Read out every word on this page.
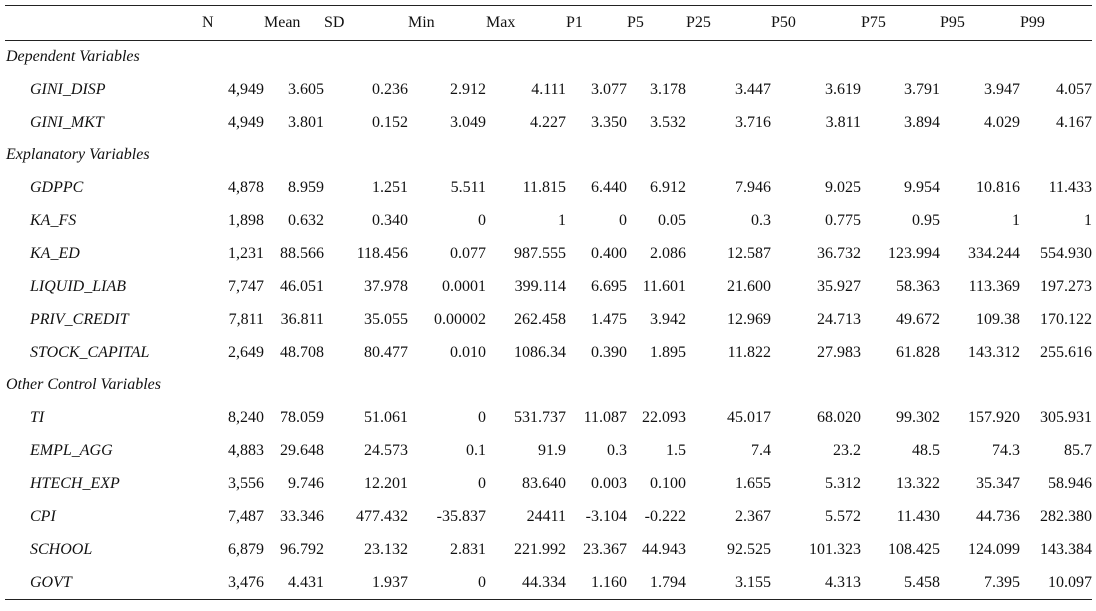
	N	Mean	SD	Min	Max	P1	P5	P25	P50	P75	P95	P99
Dependent Variables												
GINI_DISP	4,949	3.605	0.236	2.912	4.111	3.077	3.178	3.447	3.619	3.791	3.947	4.057
GINI_MKT	4,949	3.801	0.152	3.049	4.227	3.350	3.532	3.716	3.811	3.894	4.029	4.167
Explanatory Variables												
GDPPC	4,878	8.959	1.251	5.511	11.815	6.440	6.912	7.946	9.025	9.954	10.816	11.433
KA_FS	1,898	0.632	0.340	0	1	0	0.05	0.3	0.775	0.95	1	1
KA_ED	1,231	88.566	118.456	0.077	987.555	0.400	2.086	12.587	36.732	123.994	334.244	554.930
LIQUID_LIAB	7,747	46.051	37.978	0.0001	399.114	6.695	11.601	21.600	35.927	58.363	113.369	197.273
PRIV_CREDIT	7,811	36.811	35.055	0.00002	262.458	1.475	3.942	12.969	24.713	49.672	109.38	170.122
STOCK_CAPITAL	2,649	48.708	80.477	0.010	1086.34	0.390	1.895	11.822	27.983	61.828	143.312	255.616
Other Control Variables												
TI	8,240	78.059	51.061	0	531.737	11.087	22.093	45.017	68.020	99.302	157.920	305.931
EMPL_AGG	4,883	29.648	24.573	0.1	91.9	0.3	1.5	7.4	23.2	48.5	74.3	85.7
HTECH_EXP	3,556	9.746	12.201	0	83.640	0.003	0.100	1.655	5.312	13.322	35.347	58.946
CPI	7,487	33.346	477.432	-35.837	24411	-3.104	-0.222	2.367	5.572	11.430	44.736	282.380
SCHOOL	6,879	96.792	23.132	2.831	221.992	23.367	44.943	92.525	101.323	108.425	124.099	143.384
GOVT	3,476	4.431	1.937	0	44.334	1.160	1.794	3.155	4.313	5.458	7.395	10.097
